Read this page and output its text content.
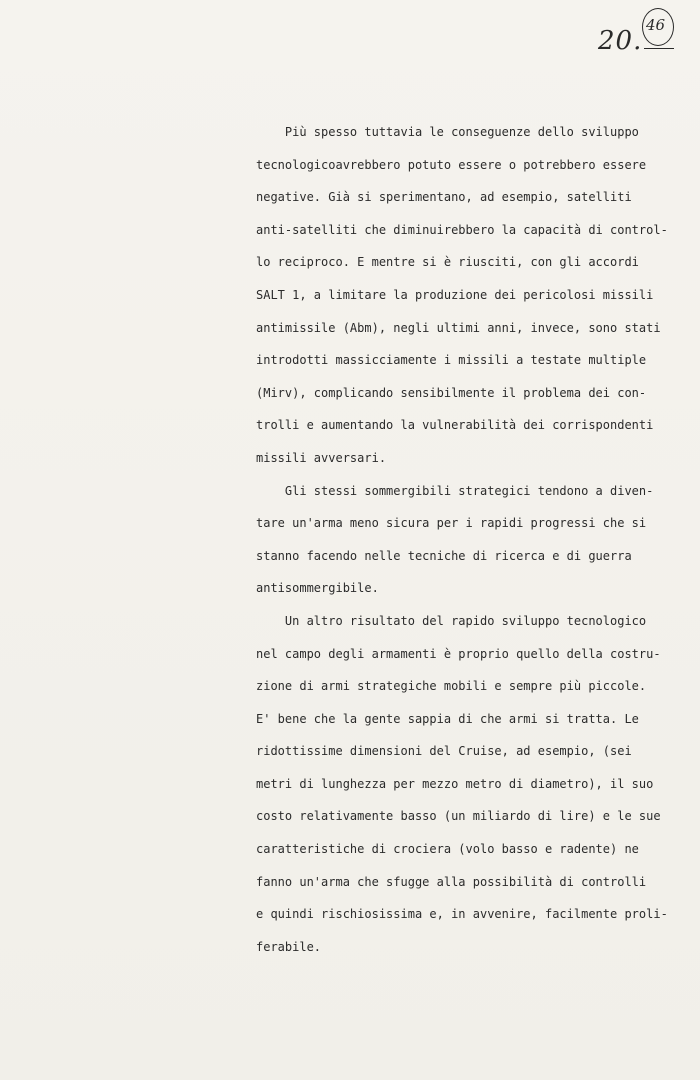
20.
46
Più spesso tuttavia le conseguenze dello sviluppo
tecnologicoavrebbero potuto essere o potrebbero essere
negative. Già si sperimentano, ad esempio, satelliti
anti-satelliti che diminuirebbero la capacità di control-
lo reciproco. E mentre si è riusciti, con gli accordi
SALT 1, a limitare la produzione dei pericolosi missili
antimissile (Abm), negli ultimi anni, invece, sono stati
introdotti massicciamente i missili a testate multiple
(Mirv), complicando sensibilmente il problema dei con-
trolli e aumentando la vulnerabilità dei corrispondenti
missili avversari.
Gli stessi sommergibili strategici tendono a diven-
tare un'arma meno sicura per i rapidi progressi che si
stanno facendo nelle tecniche di ricerca e di guerra
antisommergibile.
Un altro risultato del rapido sviluppo tecnologico
nel campo degli armamenti è proprio quello della costru-
zione di armi strategiche mobili e sempre più piccole.
E' bene che la gente sappia di che armi si tratta. Le
ridottissime dimensioni del Cruise, ad esempio, (sei
metri di lunghezza per mezzo metro di diametro), il suo
costo relativamente basso (un miliardo di lire) e le sue
caratteristiche di crociera (volo basso e radente) ne
fanno un'arma che sfugge alla possibilità di controlli
e quindi rischiosissima e, in avvenire, facilmente proli-
ferabile.
